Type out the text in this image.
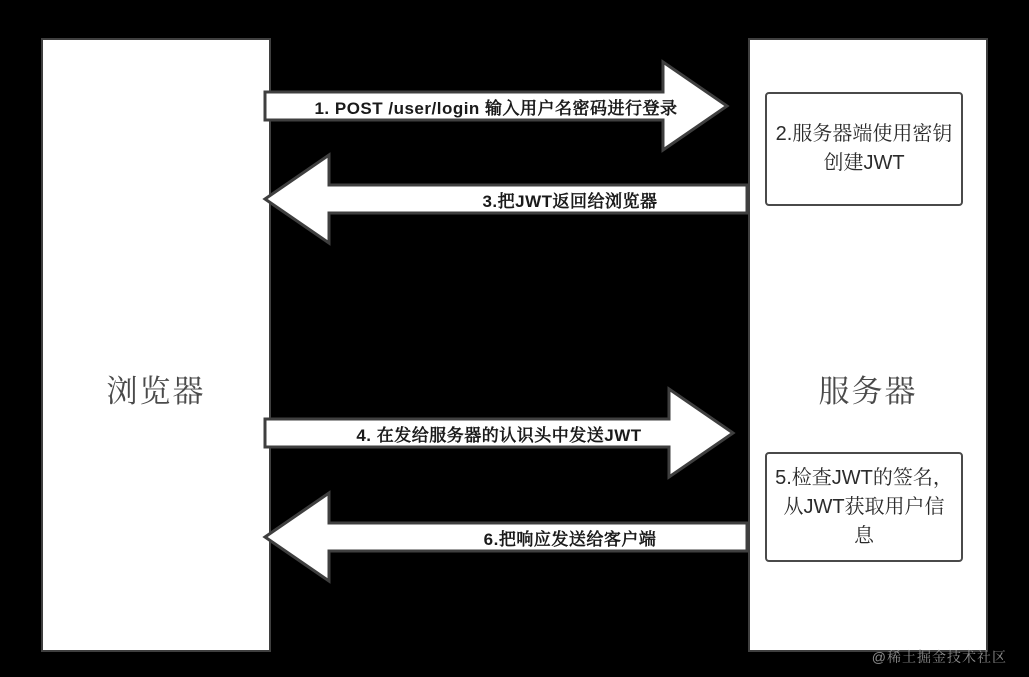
浏览器	服务器
2.服务器端使用密钥创建JWT
5.检查JWT的签名，从JWT获取用户信息
1. POST /user/login 输入用户名密码进行登录
3.把JWT返回给浏览器
4. 在发给服务器的认识头中发送JWT
6.把响应发送给客户端
@稀土掘金技术社区
